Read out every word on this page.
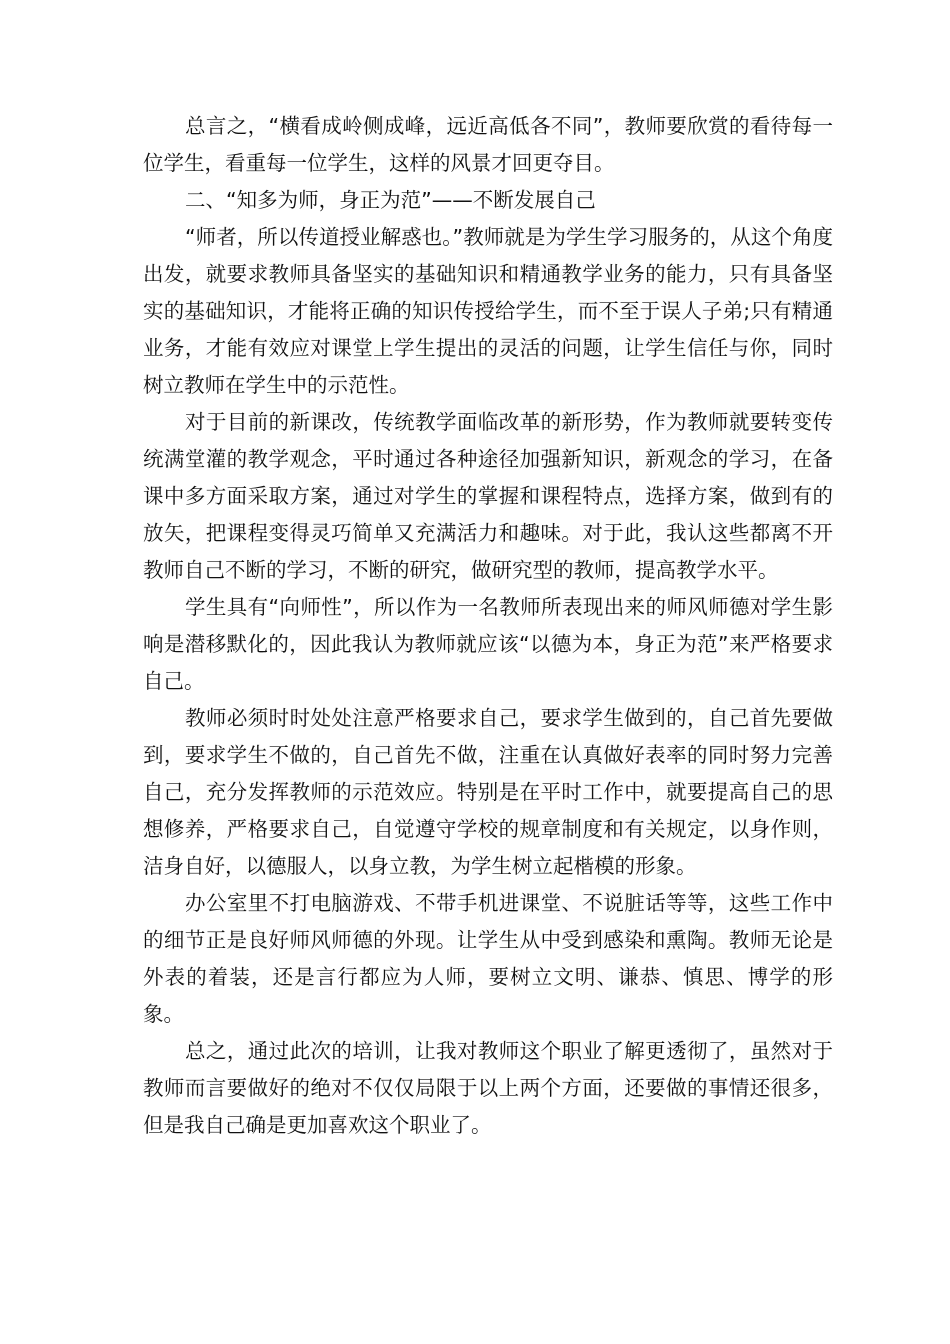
总言之，“横看成岭侧成峰，远近高低各不同”，教师要欣赏的看待每一位学生，看重每一位学生，这样的风景才回更夺目。

二、“知多为师，身正为范”——不断发展自己

“师者，所以传道授业解惑也。”教师就是为学生学习服务的，从这个角度出发，就要求教师具备坚实的基础知识和精通教学业务的能力，只有具备坚实的基础知识，才能将正确的知识传授给学生，而不至于误人子弟;只有精通业务，才能有效应对课堂上学生提出的灵活的问题，让学生信任与你，同时树立教师在学生中的示范性。

对于目前的新课改，传统教学面临改革的新形势，作为教师就要转变传统满堂灌的教学观念，平时通过各种途径加强新知识，新观念的学习，在备课中多方面采取方案，通过对学生的掌握和课程特点，选择方案，做到有的放矢，把课程变得灵巧简单又充满活力和趣味。对于此，我认这些都离不开教师自己不断的学习，不断的研究，做研究型的教师，提高教学水平。

学生具有“向师性”，所以作为一名教师所表现出来的师风师德对学生影响是潜移默化的，因此我认为教师就应该“以德为本，身正为范”来严格要求自己。

教师必须时时处处注意严格要求自己，要求学生做到的，自己首先要做到，要求学生不做的，自己首先不做，注重在认真做好表率的同时努力完善自己，充分发挥教师的示范效应。特别是在平时工作中，就要提高自己的思想修养，严格要求自己，自觉遵守学校的规章制度和有关规定，以身作则，洁身自好，以德服人，以身立教，为学生树立起楷模的形象。

办公室里不打电脑游戏、不带手机进课堂、不说脏话等等，这些工作中的细节正是良好师风师德的外现。让学生从中受到感染和熏陶。教师无论是外表的着装，还是言行都应为人师，要树立文明、谦恭、慎思、博学的形象。

总之，通过此次的培训，让我对教师这个职业了解更透彻了，虽然对于教师而言要做好的绝对不仅仅局限于以上两个方面，还要做的事情还很多，但是我自己确是更加喜欢这个职业了。
